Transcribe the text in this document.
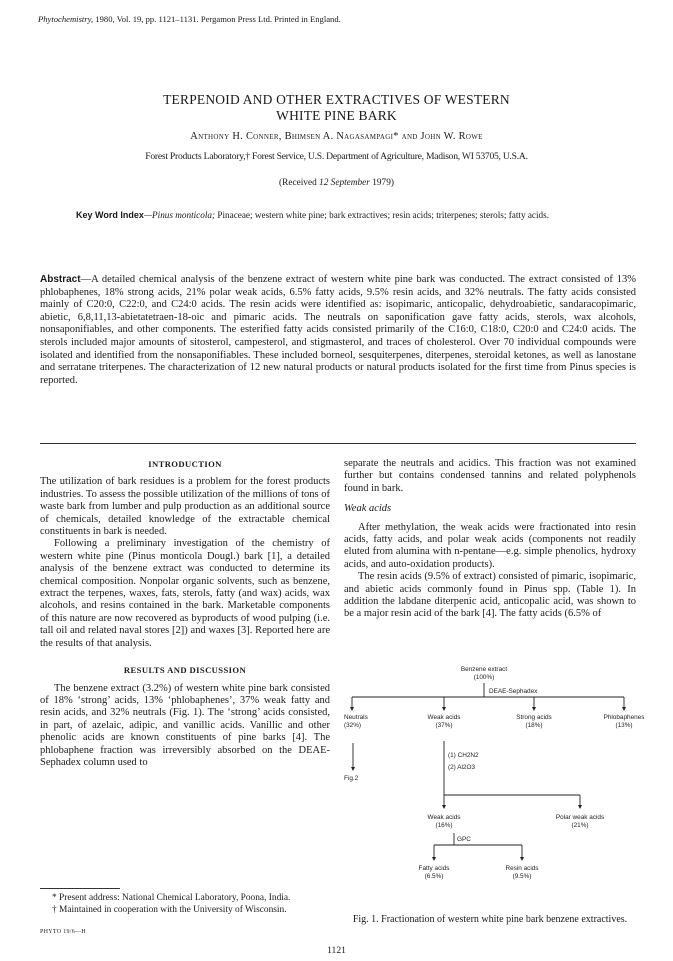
Phytochemistry, 1980, Vol. 19, pp. 1121–1131. Pergamon Press Ltd. Printed in England.
TERPENOID AND OTHER EXTRACTIVES OF WESTERN
WHITE PINE BARK
Anthony H. Conner, Bhimsen A. Nagasampagi* and John W. Rowe
Forest Products Laboratory,† Forest Service, U.S. Department of Agriculture, Madison, WI 53705, U.S.A.
(Received 12 September 1979)
Key Word Index—Pinus monticola; Pinaceae; western white pine; bark extractives; resin acids; triterpenes; sterols; fatty acids.
Abstract—A detailed chemical analysis of the benzene extract of western white pine bark was conducted. The extract consisted of 13% phlobaphenes, 18% strong acids, 21% polar weak acids, 6.5% fatty acids, 9.5% resin acids, and 32% neutrals. The fatty acids consisted mainly of C20:0, C22:0, and C24:0 acids. The resin acids were identified as: isopimaric, anticopalic, dehydroabietic, sandaracopimaric, abietic, 6,8,11,13-abietatetraen-18-oic and pimaric acids. The neutrals on saponification gave fatty acids, sterols, wax alcohols, nonsaponifiables, and other components. The esterified fatty acids consisted primarily of the C16:0, C18:0, C20:0 and C24:0 acids. The sterols included major amounts of sitosterol, campesterol, and stigmasterol, and traces of cholesterol. Over 70 individual compounds were isolated and identified from the nonsaponifiables. These included borneol, sesquiterpenes, diterpenes, steroidal ketones, as well as lanostane and serratane triterpenes. The characterization of 12 new natural products or natural products isolated for the first time from Pinus species is reported.
INTRODUCTION

The utilization of bark residues is a problem for the forest products industries. To assess the possible utilization of the millions of tons of waste bark from lumber and pulp production as an additional source of chemicals, detailed knowledge of the extractable chemical constituents in bark is needed.

Following a preliminary investigation of the chemistry of western white pine (Pinus monticola Dougl.) bark [1], a detailed analysis of the benzene extract was conducted to determine its chemical composition. Nonpolar organic solvents, such as benzene, extract the terpenes, waxes, fats, sterols, fatty (and wax) acids, wax alcohols, and resins contained in the bark. Marketable components of this nature are now recovered as byproducts of wood pulping (i.e. tall oil and related naval stores [2]) and waxes [3]. Reported here are the results of that analysis.

RESULTS AND DISCUSSION

The benzene extract (3.2%) of western white pine bark consisted of 18% ‘strong’ acids, 13% ‘phlobaphenes’, 37% weak fatty and resin acids, and 32% neutrals (Fig. 1). The ‘strong’ acids consisted, in part, of azelaic, adipic, and vanillic acids. Vanillic and other phenolic acids are known constituents of pine barks [4]. The phlobaphene fraction was irreversibly absorbed on the DEAE-Sephadex column used to

* Present address: National Chemical Laboratory, Poona, India.
† Maintained in cooperation with the University of Wisconsin.
PHYTO 19/6—H

separate the neutrals and acidics. This fraction was not examined further but contains condensed tannins and related polyphenols found in bark.

Weak acids

After methylation, the weak acids were fractionated into resin acids, fatty acids, and polar weak acids (components not readily eluted from alumina with n-pentane—e.g. simple phenolics, hydroxy acids, and auto-oxidation products).

The resin acids (9.5% of extract) consisted of pimaric, isopimaric, and abietic acids commonly found in Pinus spp. (Table 1). In addition the labdane diterpenic acid, anticopalic acid, was shown to be a major resin acid of the bark [4]. The fatty acids (6.5% of

Benzene extract
(100%)
DEAE-Sephadex
Neutrals
(32%)
Weak acids
(37%)
Strong acids
(18%)
Phlobaphenes
(13%)
Fig.2
(1) CH2N2
(2) Al2O3
Weak acids
(16%)
Polar weak acids
(21%)
GPC
Fatty acids
(6.5%)
Resin acids
(9.5%)
Fig. 1. Fractionation of western white pine bark benzene extractives.
1121
